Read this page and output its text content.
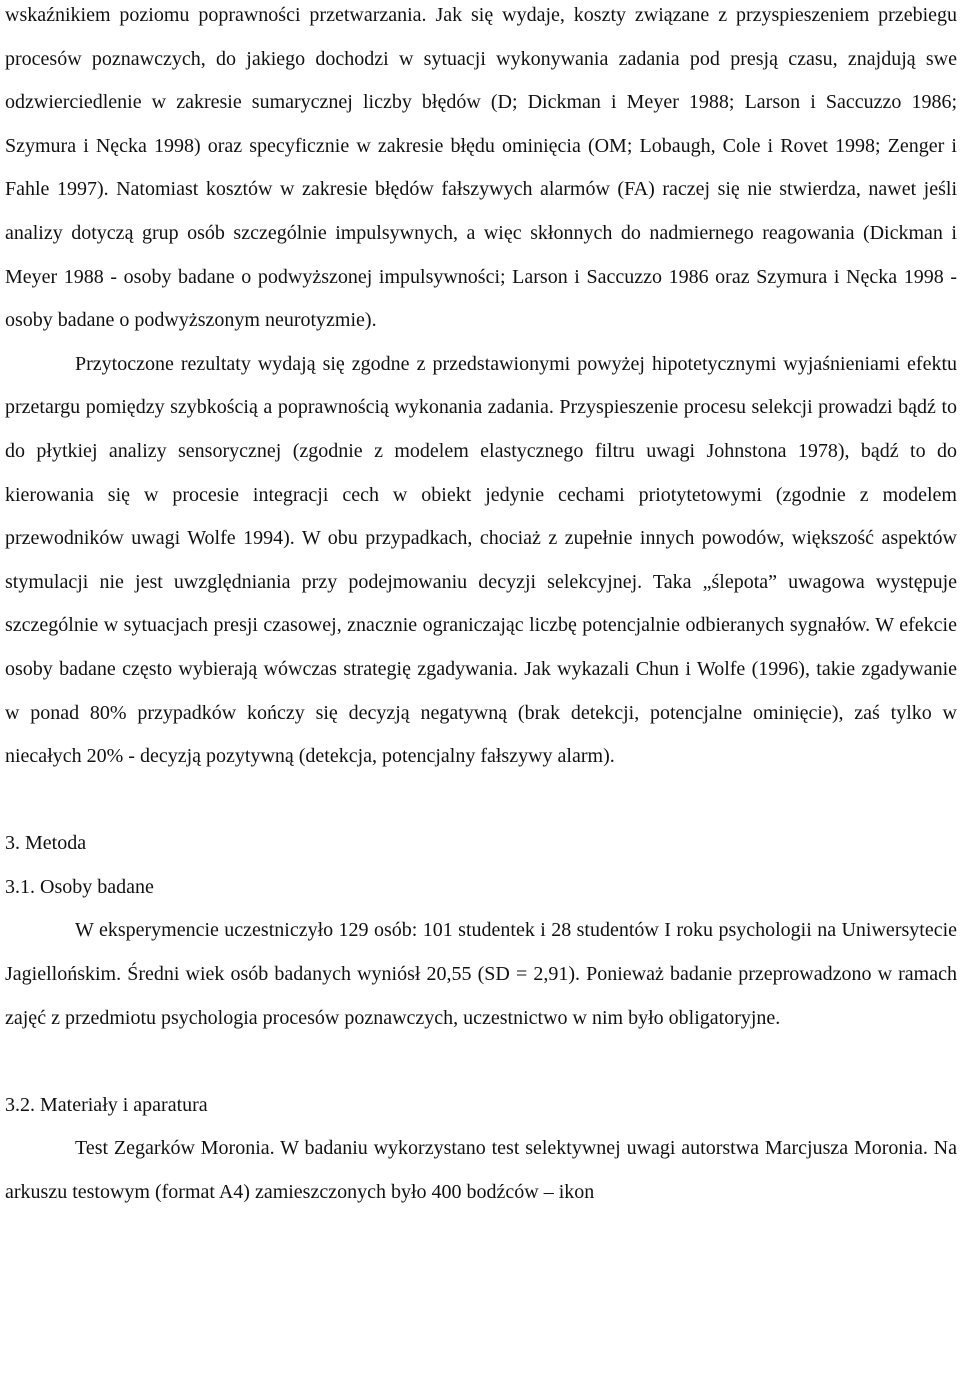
wskaźnikiem poziomu poprawności przetwarzania. Jak się wydaje, koszty związane z przyspieszeniem przebiegu procesów poznawczych, do jakiego dochodzi w sytuacji wykonywania zadania pod presją czasu, znajdują swe odzwierciedlenie w zakresie sumarycznej liczby błędów (D; Dickman i Meyer 1988; Larson i Saccuzzo 1986; Szymura i Nęcka 1998) oraz specyficznie w zakresie błędu ominięcia (OM; Lobaugh, Cole i Rovet 1998; Zenger i Fahle 1997). Natomiast kosztów w zakresie błędów fałszywych alarmów (FA) raczej się nie stwierdza, nawet jeśli analizy dotyczą grup osób szczególnie impulsywnych, a więc skłonnych do nadmiernego reagowania (Dickman i Meyer 1988 - osoby badane o podwyższonej impulsywności; Larson i Saccuzzo 1986 oraz Szymura i Nęcka 1998 - osoby badane o podwyższonym neurotyzmie).

Przytoczone rezultaty wydają się zgodne z przedstawionymi powyżej hipotetycznymi wyjaśnieniami efektu przetargu pomiędzy szybkością a poprawnością wykonania zadania. Przyspieszenie procesu selekcji prowadzi bądź to do płytkiej analizy sensorycznej (zgodnie z modelem elastycznego filtru uwagi Johnstona 1978), bądź to do kierowania się w procesie integracji cech w obiekt jedynie cechami priotytetowymi (zgodnie z modelem przewodników uwagi Wolfe 1994). W obu przypadkach, chociaż z zupełnie innych powodów, większość aspektów stymulacji nie jest uwzględniania przy podejmowaniu decyzji selekcyjnej. Taka „ślepota” uwagowa występuje szczególnie w sytuacjach presji czasowej, znacznie ograniczając liczbę potencjalnie odbieranych sygnałów. W efekcie osoby badane często wybierają wówczas strategię zgadywania. Jak wykazali Chun i Wolfe (1996), takie zgadywanie w ponad 80% przypadków kończy się decyzją negatywną (brak detekcji, potencjalne ominięcie), zaś tylko w niecałych 20% - decyzją pozytywną (detekcja, potencjalny fałszywy alarm).

3. Metoda

3.1. Osoby badane

W eksperymencie uczestniczyło 129 osób: 101 studentek i 28 studentów I roku psychologii na Uniwersytecie Jagiellońskim. Średni wiek osób badanych wyniósł 20,55 (SD = 2,91). Ponieważ badanie przeprowadzono w ramach zajęć z przedmiotu psychologia procesów poznawczych, uczestnictwo w nim było obligatoryjne.

3.2. Materiały i aparatura

Test Zegarków Moronia. W badaniu wykorzystano test selektywnej uwagi autorstwa Marcjusza Moronia. Na arkuszu testowym (format A4) zamieszczonych było 400 bodźców – ikon
